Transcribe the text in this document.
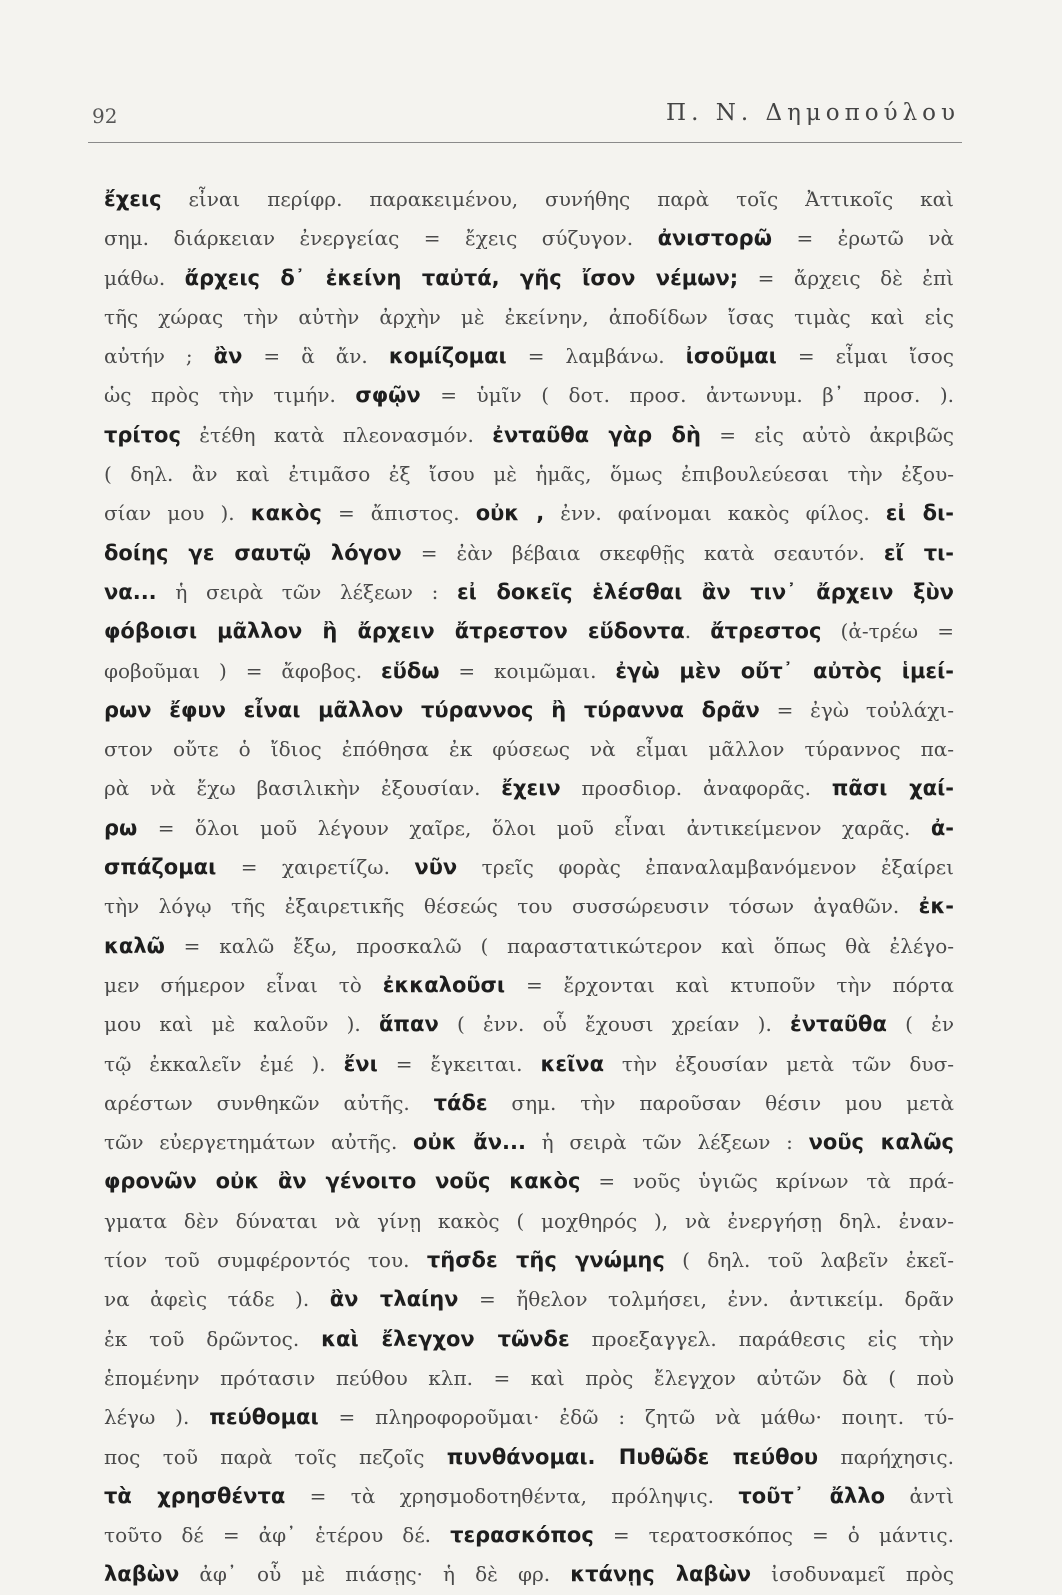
92	Π. Ν. Δημοπούλου
ἔχεις εἶναι περίφρ. παρακειμένου, συνήθης παρὰ τοῖς Ἀττικοῖς καὶ
σημ. διάρκειαν ἐνεργείας = ἔχεις σύζυγον. ἀνιστορῶ = ἐρωτῶ νὰ
μάθω. ἄρχεις δ᾽ ἐκείνη ταὐτά, γῆς ἴσον νέμων; = ἄρχεις δὲ ἐπὶ
τῆς χώρας τὴν αὐτὴν ἀρχὴν μὲ ἐκείνην, ἀποδίδων ἴσας τιμὰς καὶ εἰς
αὐτήν ; ἂν = ἃ ἄν. κομίζομαι = λαμβάνω. ἰσοῦμαι = εἶμαι ἴσος
ὡς πρὸς τὴν τιμήν. σφῷν = ὑμῖν ( δοτ. προσ. ἀντωνυμ. β᾽ προσ. ).
τρίτος ἐτέθη κατὰ πλεονασμόν. ἐνταῦθα γὰρ δὴ = εἰς αὐτὸ ἀκριβῶς
( δηλ. ἂν καὶ ἐτιμᾶσο ἐξ ἴσου μὲ ἡμᾶς, ὅμως ἐπιβουλεύεσαι τὴν ἐξου-
σίαν μου ). κακὸς = ἄπιστος. οὐκ , ἐνν. φαίνομαι κακὸς φίλος. εἰ δι-
δοίης γε σαυτῷ λόγον = ἐὰν βέβαια σκεφθῇς κατὰ σεαυτόν. εἴ τι-
να... ἡ σειρὰ τῶν λέξεων : εἰ δοκεῖς ἑλέσθαι ἂν τιν᾽ ἄρχειν ξὺν
φόβοισι μᾶλλον ἢ ἄρχειν ἄτρεστον εὕδοντα. ἄτρεστος (ἀ-τρέω =
φοβοῦμαι ) = ἄφοβος. εὕδω = κοιμῶμαι. ἐγὼ μὲν οὔτ᾽ αὐτὸς ἱμεί-
ρων ἔφυν εἶναι μᾶλλον τύραννος ἢ τύραννα δρᾶν = ἐγὼ τοὐλάχι-
στον οὔτε ὁ ἴδιος ἐπόθησα ἐκ φύσεως νὰ εἶμαι μᾶλλον τύραννος πα-
ρὰ νὰ ἔχω βασιλικὴν ἐξουσίαν. ἔχειν προσδιορ. ἀναφορᾶς. πᾶσι χαί-
ρω = ὅλοι μοῦ λέγουν χαῖρε, ὅλοι μοῦ εἶναι ἀντικείμενον χαρᾶς. ἀ-
σπάζομαι = χαιρετίζω. νῦν τρεῖς φορὰς ἐπαναλαμβανόμενον ἐξαίρει
τὴν λόγῳ τῆς ἐξαιρετικῆς θέσεώς του συσσώρευσιν τόσων ἀγαθῶν. ἐκ-
καλῶ = καλῶ ἔξω, προσκαλῶ ( παραστατικώτερον καὶ ὅπως θὰ ἐλέγο-
μεν σήμερον εἶναι τὸ ἐκκαλοῦσι = ἔρχονται καὶ κτυποῦν τὴν πόρτα
μου καὶ μὲ καλοῦν ). ἅπαν ( ἐνν. οὗ ἔχουσι χρείαν ). ἐνταῦθα ( ἐν
τῷ ἐκκαλεῖν ἐμέ ). ἔνι = ἔγκειται. κεῖνα τὴν ἐξουσίαν μετὰ τῶν δυσ-
αρέστων συνθηκῶν αὐτῆς. τάδε σημ. τὴν παροῦσαν θέσιν μου μετὰ
τῶν εὐεργετημάτων αὐτῆς. οὐκ ἄν... ἡ σειρὰ τῶν λέξεων : νοῦς καλῶς
φρονῶν οὐκ ἂν γένοιτο νοῦς κακὸς = νοῦς ὑγιῶς κρίνων τὰ πρά-
γματα δὲν δύναται νὰ γίνῃ κακὸς ( μοχθηρός ), νὰ ἐνεργήσῃ δηλ. ἐναν-
τίον τοῦ συμφέροντός του. τῆσδε τῆς γνώμης ( δηλ. τοῦ λαβεῖν ἐκεῖ-
να ἀφεὶς τάδε ). ἂν τλαίην = ἤθελον τολμήσει, ἐνν. ἀντικείμ. δρᾶν
ἐκ τοῦ δρῶντος. καὶ ἔλεγχον τῶνδε προεξαγγελ. παράθεσις εἰς τὴν
ἑπομένην πρότασιν πεύθου κλπ. = καὶ πρὸς ἔλεγχον αὐτῶν δὰ ( ποὺ
λέγω ). πεύθομαι = πληροφοροῦμαι· ἐδῶ : ζητῶ νὰ μάθω· ποιητ. τύ-
πος τοῦ παρὰ τοῖς πεζοῖς πυνθάνομαι. Πυθῶδε πεύθου παρήχησις.
τὰ χρησθέντα = τὰ χρησμοδοτηθέντα, πρόληψις. τοῦτ᾽ ἄλλο ἀντὶ
τοῦτο δέ = ἀφ᾽ ἑτέρου δέ. τερασκόπος = τερατοσκόπος = ὁ μάντις.
λαβὼν ἀφ᾽ οὗ μὲ πιάσῃς· ἡ δὲ φρ. κτάνῃς λαβὼν ἰσοδυναμεῖ πρὸς
